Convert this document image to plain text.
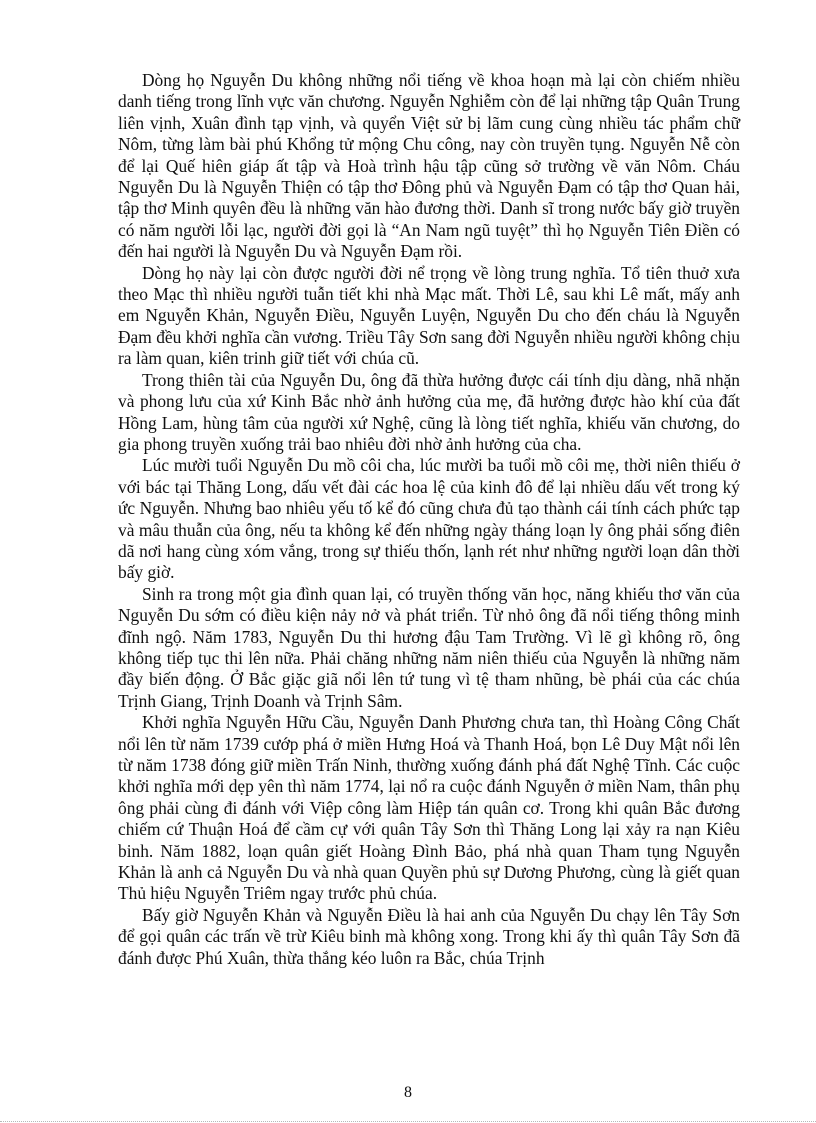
Dòng họ Nguyễn Du không những nổi tiếng về khoa hoạn mà lại còn chiếm nhiều danh tiếng trong lĩnh vực văn chương. Nguyễn Nghiễm còn để lại những tập Quân Trung liên vịnh, Xuân đình tạp vịnh, và quyển Việt sử bị lãm cung cùng nhiều tác phẩm chữ Nôm, từng làm bài phú Khổng tử mộng Chu công, nay còn truyền tụng. Nguyễn Nễ còn để lại Quế hiên giáp ất tập và Hoà trình hậu tập cũng sở trường về văn Nôm. Cháu Nguyễn Du là Nguyễn Thiện có tập thơ Đông phủ và Nguyễn Đạm có tập thơ Quan hải, tập thơ Minh quyên đều là những văn hào đương thời. Danh sĩ trong nước bấy giờ truyền có năm người lỗi lạc, người đời gọi là “An Nam ngũ tuyệt” thì họ Nguyễn Tiên Điền có đến hai người là Nguyễn Du và Nguyễn Đạm rồi.

Dòng họ này lại còn được người đời nể trọng về lòng trung nghĩa. Tổ tiên thuở xưa theo Mạc thì nhiều người tuẫn tiết khi nhà Mạc mất. Thời Lê, sau khi Lê mất, mấy anh em Nguyễn Khản, Nguyễn Điều, Nguyễn Luyện, Nguyễn Du cho đến cháu là Nguyễn Đạm đều khởi nghĩa cần vương. Triều Tây Sơn sang đời Nguyễn nhiều người không chịu ra làm quan, kiên trinh giữ tiết với chúa cũ.

Trong thiên tài của Nguyễn Du, ông đã thừa hưởng được cái tính dịu dàng, nhã nhặn và phong lưu của xứ Kinh Bắc nhờ ảnh hưởng của mẹ, đã hưởng được hào khí của đất Hồng Lam, hùng tâm của người xứ Nghệ, cũng là lòng tiết nghĩa, khiếu văn chương, do gia phong truyền xuống trải bao nhiêu đời nhờ ảnh hưởng của cha.

Lúc mười tuổi Nguyễn Du mồ côi cha, lúc mười ba tuổi mồ côi mẹ, thời niên thiếu ở với bác tại Thăng Long, dấu vết đài các hoa lệ của kinh đô để lại nhiều dấu vết trong ký ức Nguyễn. Nhưng bao nhiêu yếu tố kể đó cũng chưa đủ tạo thành cái tính cách phức tạp và mâu thuẫn của ông, nếu ta không kể đến những ngày tháng loạn ly ông phải sống điên dã nơi hang cùng xóm vắng, trong sự thiếu thốn, lạnh rét như những người loạn dân thời bấy giờ.

Sinh ra trong một gia đình quan lại, có truyền thống văn học, năng khiếu thơ văn của Nguyễn Du sớm có điều kiện nảy nở và phát triển. Từ nhỏ ông đã nổi tiếng thông minh đĩnh ngộ. Năm 1783, Nguyễn Du thi hương đậu Tam Trường. Vì lẽ gì không rõ, ông không tiếp tục thi lên nữa. Phải chăng những năm niên thiếu của Nguyễn là những năm đầy biến động. Ở Bắc giặc giã nổi lên tứ tung vì tệ tham nhũng, bè phái của các chúa Trịnh Giang, Trịnh Doanh và Trịnh Sâm.

Khởi nghĩa Nguyễn Hữu Cầu, Nguyễn Danh Phương chưa tan, thì Hoàng Công Chất nổi lên từ năm 1739 cướp phá ở miền Hưng Hoá và Thanh Hoá, bọn Lê Duy Mật nổi lên từ năm 1738 đóng giữ miền Trấn Ninh, thường xuống đánh phá đất Nghệ Tĩnh. Các cuộc khởi nghĩa mới dẹp yên thì năm 1774, lại nổ ra cuộc đánh Nguyễn ở miền Nam, thân phụ ông phải cùng đi đánh với Việp công làm Hiệp tán quân cơ. Trong khi quân Bắc đương chiếm cứ Thuận Hoá để cầm cự với quân Tây Sơn thì Thăng Long lại xảy ra nạn Kiêu binh. Năm 1882, loạn quân giết Hoàng Đình Bảo, phá nhà quan Tham tụng Nguyễn Khản là anh cả Nguyễn Du và nhà quan Quyền phủ sự Dương Phương, cùng là giết quan Thủ hiệu Nguyễn Triêm ngay trước phủ chúa.

Bấy giờ Nguyễn Khản và Nguyễn Điều là hai anh của Nguyễn Du chạy lên Tây Sơn để gọi quân các trấn về trừ Kiêu binh mà không xong. Trong khi ấy thì quân Tây Sơn đã đánh được Phú Xuân, thừa thắng kéo luôn ra Bắc, chúa Trịnh

8
